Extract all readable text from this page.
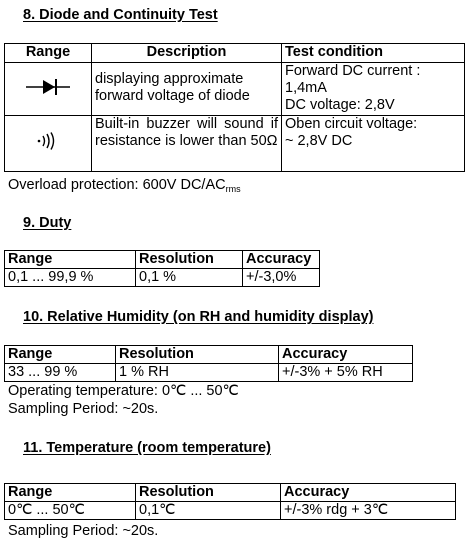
8. Diode and Continuity Test
Range	Description	Test condition
	displaying approximate forward voltage of diode	Forward DC current :
1,4mA
DC voltage: 2,8V

	Built-in buzzer will sound if resistance is lower than 50Ω	Oben circuit voltage:
~ 2,8V DC
Overload protection: 600V $DC/AC_{rms}$
9. Duty
Range	Resolution	Accuracy
0,1 ... 99,9 %	0,1 %	+/-3,0%
10. Relative Humidity (on RH and humidity display)
Range	Resolution	Accuracy
33 ... 99 %	1 % RH	+/-3% + 5% RH
Operating temperature: 0℃ ... 50℃
Sampling Period: ~20s.
11. Temperature (room temperature)
Range	Resolution	Accuracy
0℃ ... 50℃	0,1℃	+/-3% rdg + 3℃
Sampling Period: ~20s.
